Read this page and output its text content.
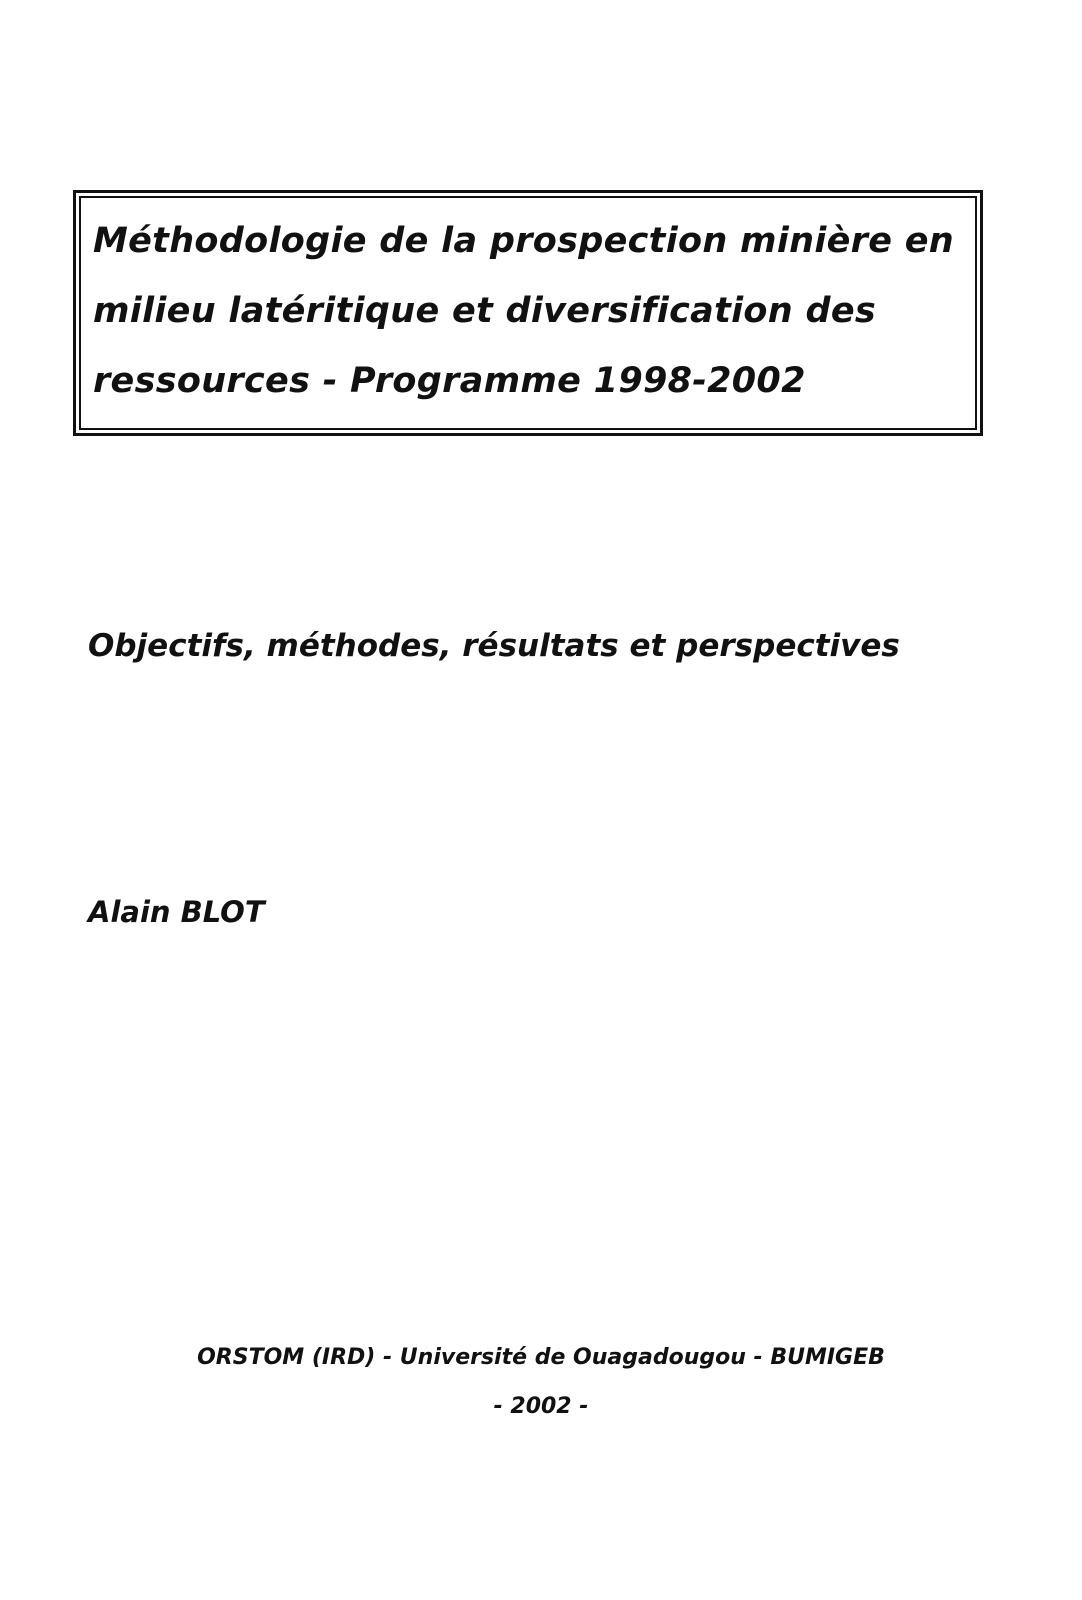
Méthodologie de la prospection minière en
milieu latéritique et diversification des
ressources - Programme 1998-2002
Objectifs, méthodes, résultats et perspectives
Alain BLOT
ORSTOM (IRD) - Université de Ouagadougou - BUMIGEB
- 2002 -
